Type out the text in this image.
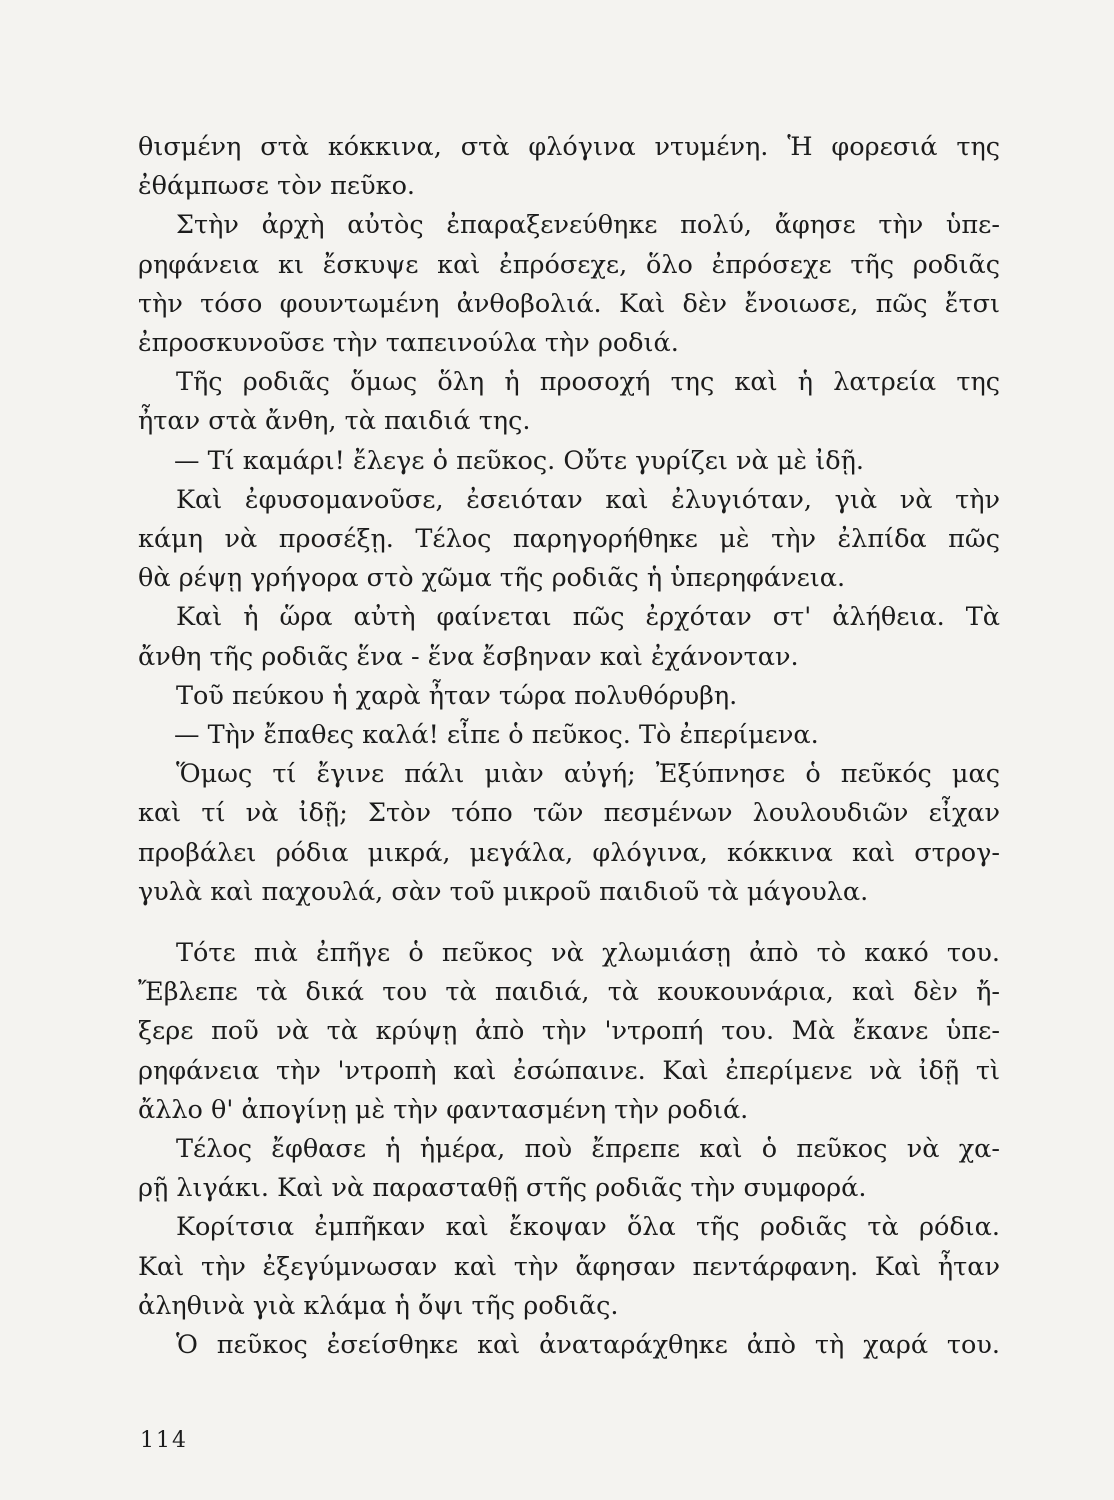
θισμένη στὰ κόκκινα, στὰ φλόγινα ντυμένη. Ἡ φορεσιά της
ἐθάμπωσε τὸν πεῦκο.
Στὴν ἀρχὴ αὐτὸς ἐπαραξενεύθηκε πολύ, ἄφησε τὴν ὑπε-
ρηφάνεια κι ἔσκυψε καὶ ἐπρόσεχε, ὅλο ἐπρόσεχε τῆς ροδιᾶς
τὴν τόσο φουντωμένη ἀνθοβολιά. Καὶ δὲν ἔνοιωσε, πῶς ἔτσι
ἐπροσκυνοῦσε τὴν ταπεινούλα τὴν ροδιά.
Τῆς ροδιᾶς ὅμως ὅλη ἡ προσοχή της καὶ ἡ λατρεία της
ἦταν στὰ ἄνθη, τὰ παιδιά της.
— Τί καμάρι! ἔλεγε ὁ πεῦκος. Οὔτε γυρίζει νὰ μὲ ἰδῇ.
Καὶ ἐφυσομανοῦσε, ἐσειόταν καὶ ἐλυγιόταν, γιὰ νὰ τὴν
κάμη νὰ προσέξῃ. Τέλος παρηγορήθηκε μὲ τὴν ἐλπίδα πῶς
θὰ ρέψῃ γρήγορα στὸ χῶμα τῆς ροδιᾶς ἡ ὑπερηφάνεια.
Καὶ ἡ ὥρα αὐτὴ φαίνεται πῶς ἐρχόταν στ' ἀλήθεια. Τὰ
ἄνθη τῆς ροδιᾶς ἕνα - ἕνα ἔσβηναν καὶ ἐχάνονταν.
Τοῦ πεύκου ἡ χαρὰ ἦταν τώρα πολυθόρυβη.
— Τὴν ἔπαθες καλά! εἶπε ὁ πεῦκος. Τὸ ἐπερίμενα.
Ὅμως τί ἔγινε πάλι μιὰν αὐγή; Ἐξύπνησε ὁ πεῦκός μας
καὶ τί νὰ ἰδῇ; Στὸν τόπο τῶν πεσμένων λουλουδιῶν εἶχαν
προβάλει ρόδια μικρά, μεγάλα, φλόγινα, κόκκινα καὶ στρογ-
γυλὰ καὶ παχουλά, σὰν τοῦ μικροῦ παιδιοῦ τὰ μάγουλα.
Τότε πιὰ ἐπῆγε ὁ πεῦκος νὰ χλωμιάσῃ ἀπὸ τὸ κακό του.
Ἔβλεπε τὰ δικά του τὰ παιδιά, τὰ κουκουνάρια, καὶ δὲν ἤ-
ξερε ποῦ νὰ τὰ κρύψῃ ἀπὸ τὴν 'ντροπή του. Μὰ ἔκανε ὑπε-
ρηφάνεια τὴν 'ντροπὴ καὶ ἐσώπαινε. Καὶ ἐπερίμενε νὰ ἰδῇ τὶ
ἄλλο θ' ἀπογίνῃ μὲ τὴν φαντασμένη τὴν ροδιά.
Τέλος ἔφθασε ἡ ἡμέρα, ποὺ ἔπρεπε καὶ ὁ πεῦκος νὰ χα-
ρῇ λιγάκι. Καὶ νὰ παρασταθῇ στῆς ροδιᾶς τὴν συμφορά.
Κορίτσια ἐμπῆκαν καὶ ἔκοψαν ὅλα τῆς ροδιᾶς τὰ ρόδια.
Καὶ τὴν ἐξεγύμνωσαν καὶ τὴν ἄφησαν πεντάρφανη. Καὶ ἦταν
ἀληθινὰ γιὰ κλάμα ἡ ὄψι τῆς ροδιᾶς.
Ὁ πεῦκος ἐσείσθηκε καὶ ἀναταράχθηκε ἀπὸ τὴ χαρά του.
114
